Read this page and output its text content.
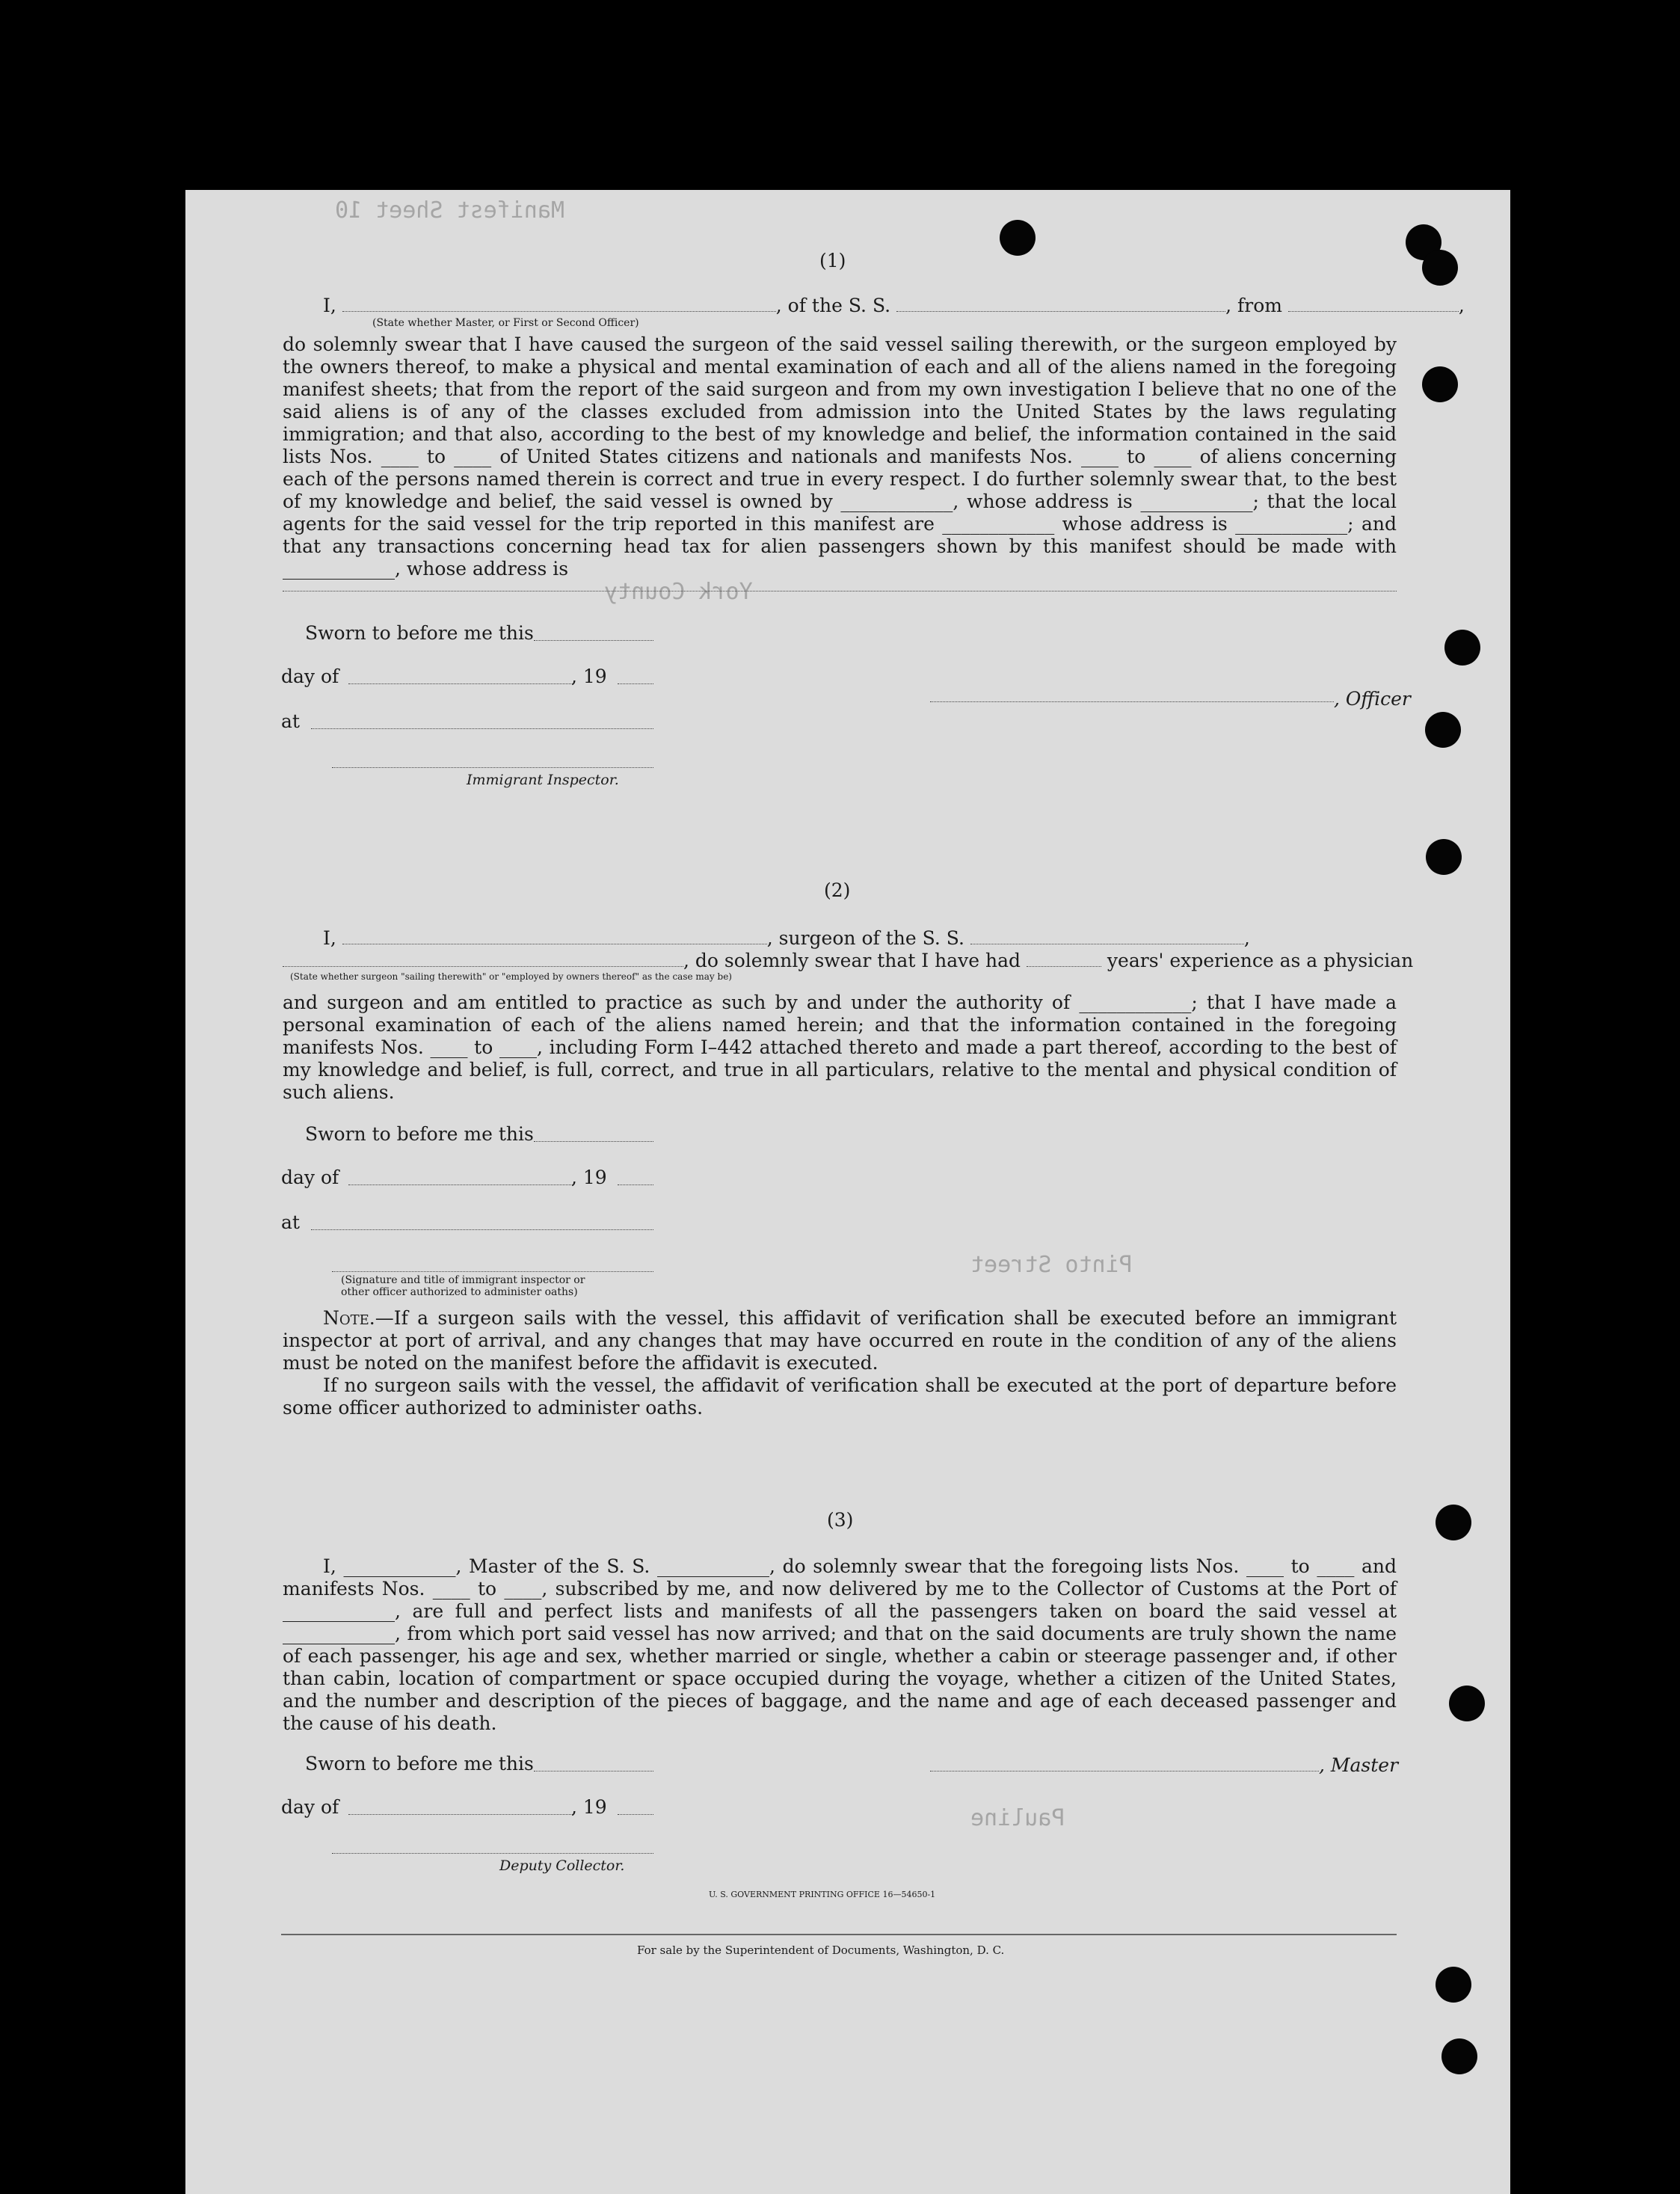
Manifest Sheet 10
York County
Pinto Street
Pauline
(1)
I,	, of the S. S.	, from	,
(State whether Master, or First or Second Officer)
do solemnly swear that I have caused the surgeon of the said vessel sailing therewith, or the surgeon employed by the owners thereof, to make a physical and mental examination of each and all of the aliens named in the foregoing manifest sheets; that from the report of the said surgeon and from my own investigation I believe that no one of the said aliens is of any of the classes excluded from admission into the United States by the laws regulating immigration; and that also, according to the best of my knowledge and belief, the information contained in the said lists Nos. ____ to ____ of United States citizens and nationals and manifests Nos. ____ to ____ of aliens concerning each of the persons named therein is correct and true in every respect. I do further solemnly swear that, to the best of my knowledge and belief, the said vessel is owned by ____________, whose address is ____________; that the local agents for the said vessel for the trip reported in this manifest are ____________ whose address is ____________; and that any transactions concerning head tax for alien passengers shown by this manifest should be made with ____________, whose address is
Sworn to before me this
day of	, 19
at
, Officer
Immigrant Inspector.
(2)
I,	, surgeon of the S. S.	,
, do solemnly swear that I have had	years' experience as a physician
(State whether surgeon "sailing therewith" or "employed by owners thereof" as the case may be)
and surgeon and am entitled to practice as such by and under the authority of ____________; that I have made a personal examination of each of the aliens named herein; and that the information contained in the foregoing manifests Nos. ____ to ____, including Form I–442 attached thereto and made a part thereof, according to the best of my knowledge and belief, is full, correct, and true in all particulars, relative to the mental and physical condition of such aliens.
Sworn to before me this
day of	, 19
at
(Signature and title of immigrant inspector or
other officer authorized to administer oaths)
Note.—If a surgeon sails with the vessel, this affidavit of verification shall be executed before an immigrant inspector at port of arrival, and any changes that may have occurred en route in the condition of any of the aliens must be noted on the manifest before the affidavit is executed.
If no surgeon sails with the vessel, the affidavit of verification shall be executed at the port of departure before some officer authorized to administer oaths.
(3)
I, ____________, Master of the S. S. ____________, do solemnly swear that the foregoing lists Nos. ____ to ____ and manifests Nos. ____ to ____, subscribed by me, and now delivered by me to the Collector of Customs at the Port of ____________, are full and perfect lists and manifests of all the passengers taken on board the said vessel at ____________, from which port said vessel has now arrived; and that on the said documents are truly shown the name of each passenger, his age and sex, whether married or single, whether a cabin or steerage passenger and, if other than cabin, location of compartment or space occupied during the voyage, whether a citizen of the United States, and the number and description of the pieces of baggage, and the name and age of each deceased passenger and the cause of his death.
Sworn to before me this	, Master
day of	, 19
Deputy Collector.
U. S. GOVERNMENT PRINTING OFFICE 16—54650-1
For sale by the Superintendent of Documents, Washington, D. C.
